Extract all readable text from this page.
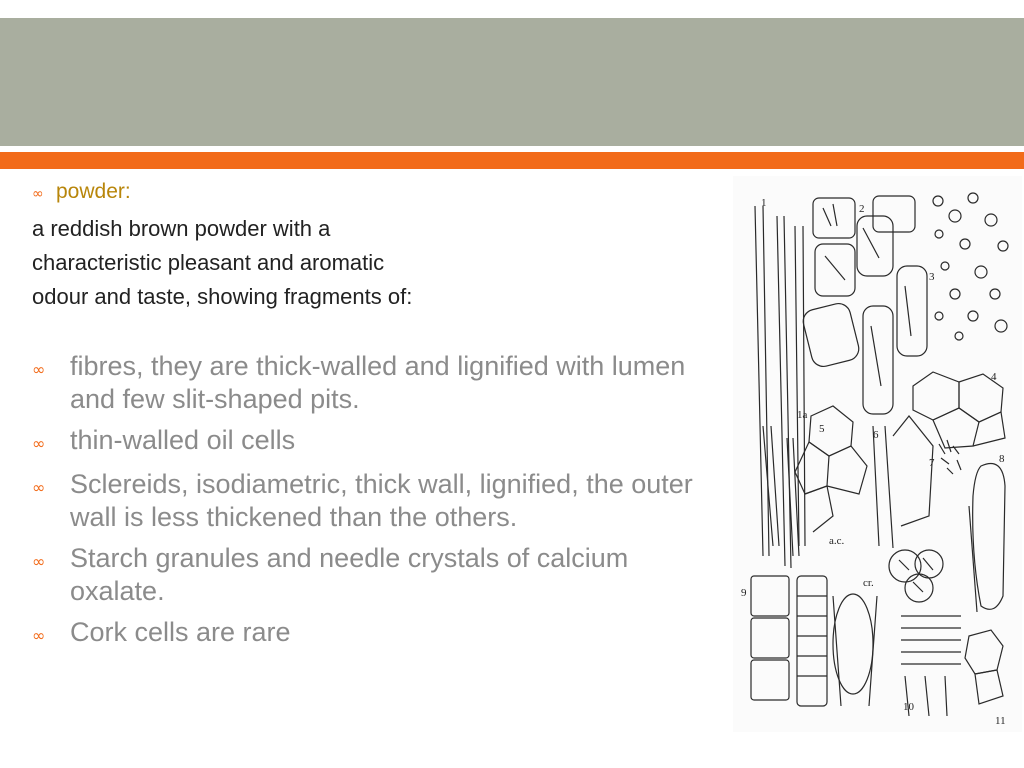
∞ powder:

a reddish brown powder with a

characteristic pleasant and aromatic

odour and taste, showing fragments of:

∞ fibres, they are thick-walled and lignified with lumen and few slit-shaped pits.
∞ thin-walled oil cells
∞ Sclereids, isodiametric, thick wall, lignified, the outer wall is less thickened than the others.
∞ Starch granules and needle crystals of calcium oxalate.
∞ Cork cells are rare
1	2
3
4
1a
5	6
7	8
a.c.
cr.
9
10
11
